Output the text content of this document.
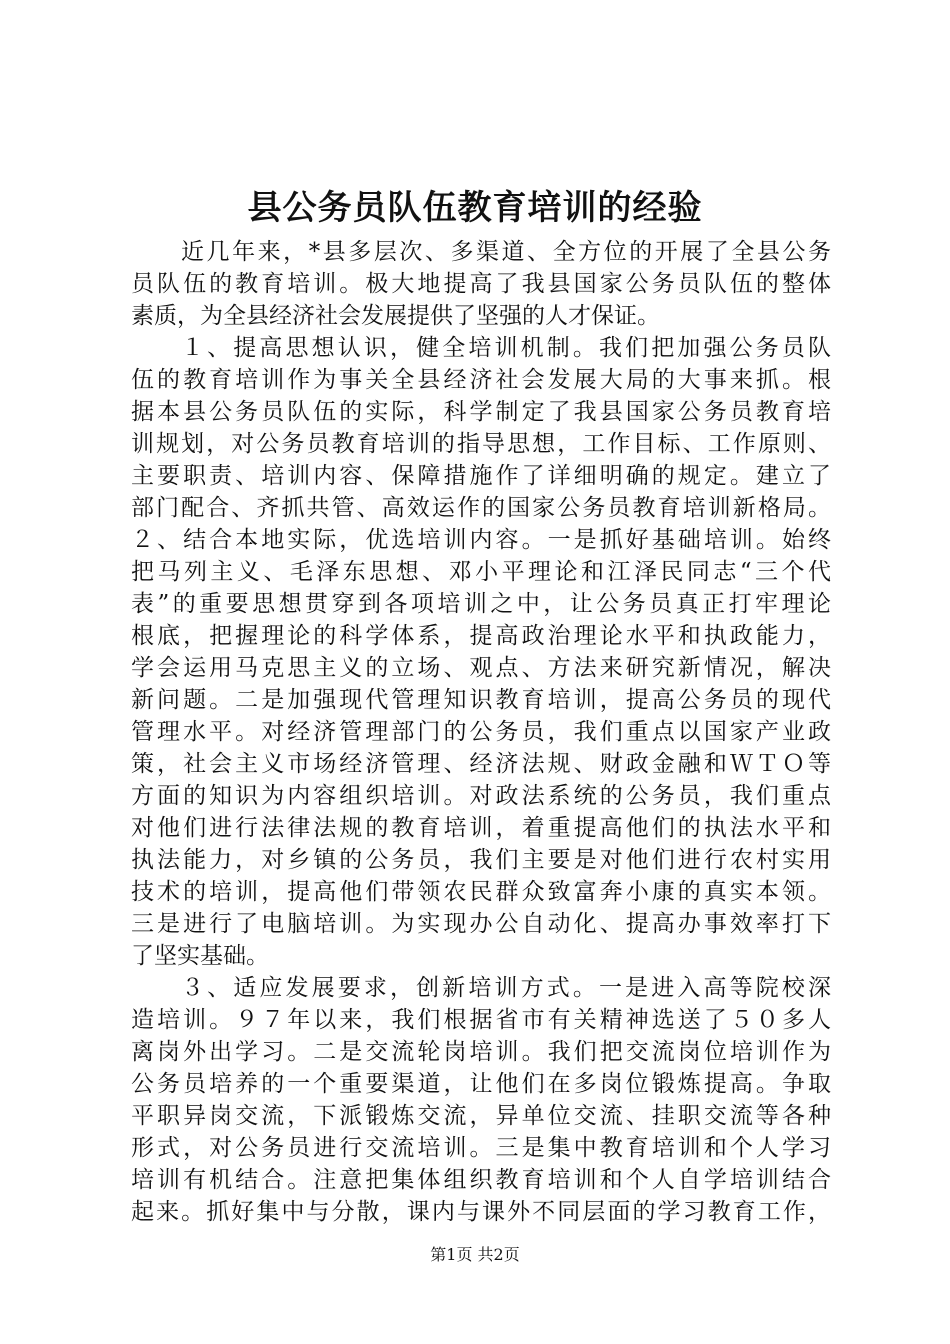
县公务员队伍教育培训的经验
近几年来，*县多层次、多渠道、全方位的开展了全县公务
员队伍的教育培训。极大地提高了我县国家公务员队伍的整体
素质，为全县经济社会发展提供了坚强的人才保证。
１、提高思想认识，健全培训机制。我们把加强公务员队
伍的教育培训作为事关全县经济社会发展大局的大事来抓。根
据本县公务员队伍的实际，科学制定了我县国家公务员教育培
训规划，对公务员教育培训的指导思想，工作目标、工作原则、
主要职责、培训内容、保障措施作了详细明确的规定。建立了
部门配合、齐抓共管、高效运作的国家公务员教育培训新格局。
２、结合本地实际，优选培训内容。一是抓好基础培训。始终
把马列主义、毛泽东思想、邓小平理论和江泽民同志“三个代
表”的重要思想贯穿到各项培训之中，让公务员真正打牢理论
根底，把握理论的科学体系，提高政治理论水平和执政能力，
学会运用马克思主义的立场、观点、方法来研究新情况，解决
新问题。二是加强现代管理知识教育培训，提高公务员的现代
管理水平。对经济管理部门的公务员，我们重点以国家产业政
策，社会主义市场经济管理、经济法规、财政金融和ＷＴＯ等
方面的知识为内容组织培训。对政法系统的公务员，我们重点
对他们进行法律法规的教育培训，着重提高他们的执法水平和
执法能力，对乡镇的公务员，我们主要是对他们进行农村实用
技术的培训，提高他们带领农民群众致富奔小康的真实本领。
三是进行了电脑培训。为实现办公自动化、提高办事效率打下
了坚实基础。
３、适应发展要求，创新培训方式。一是进入高等院校深
造培训。９７年以来，我们根据省市有关精神选送了５０多人
离岗外出学习。二是交流轮岗培训。我们把交流岗位培训作为
公务员培养的一个重要渠道，让他们在多岗位锻炼提高。争取
平职异岗交流，下派锻炼交流，异单位交流、挂职交流等各种
形式，对公务员进行交流培训。三是集中教育培训和个人学习
培训有机结合。注意把集体组织教育培训和个人自学培训结合
起来。抓好集中与分散，课内与课外不同层面的学习教育工作，
第1页 共2页
